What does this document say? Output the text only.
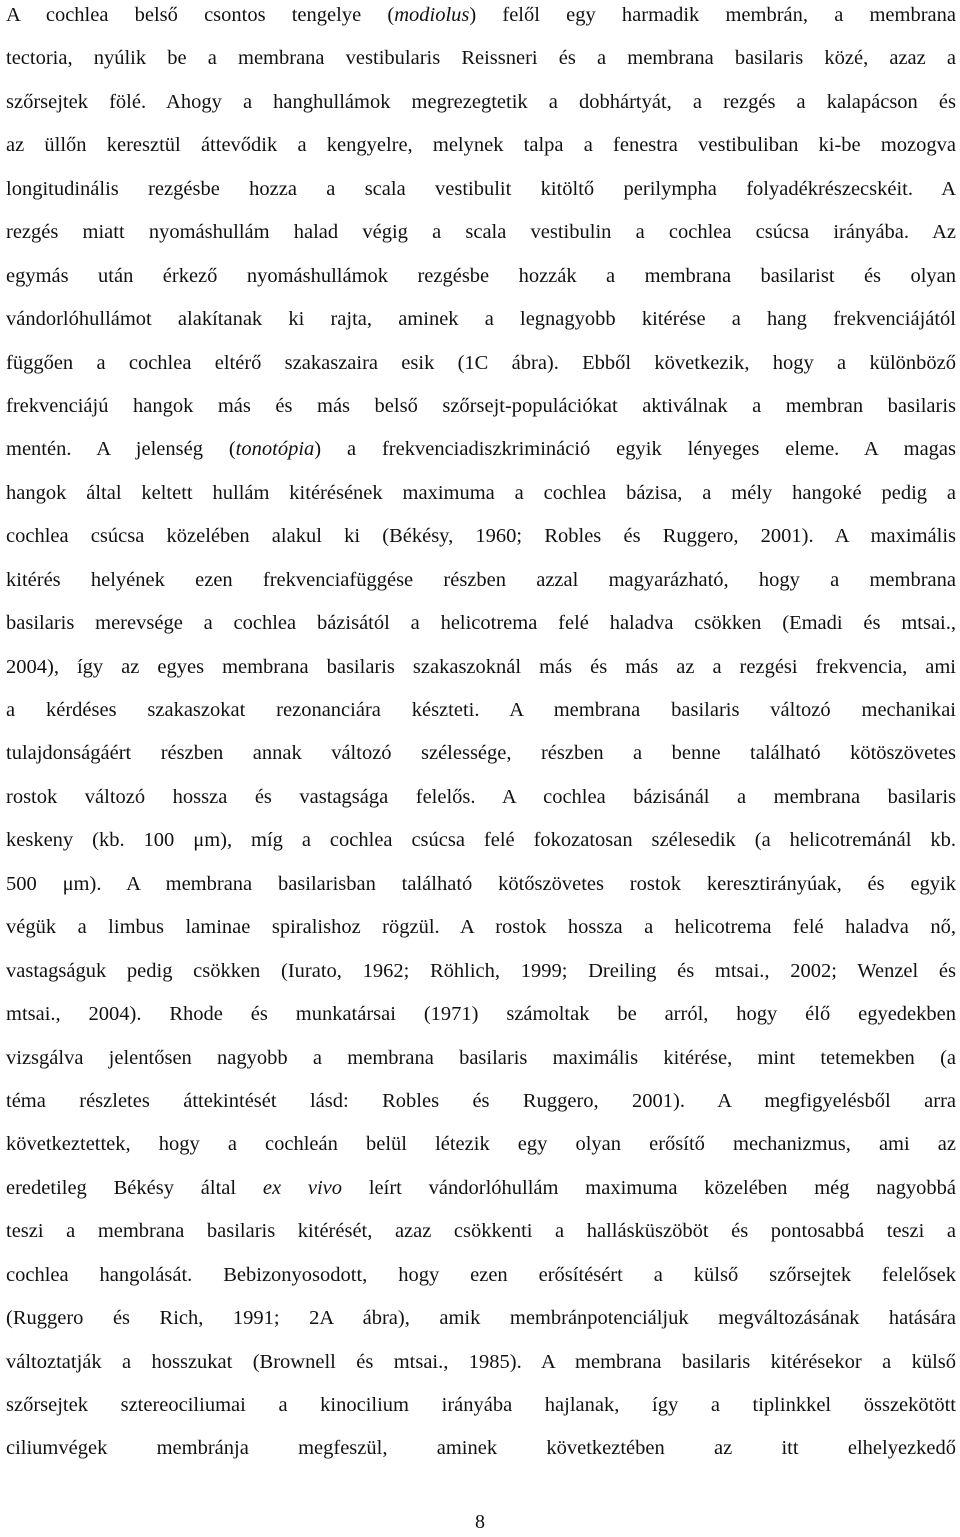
A cochlea belső csontos tengelye (modiolus) felől egy harmadik membrán, a membrana
tectoria, nyúlik be a membrana vestibularis Reissneri és a membrana basilaris közé, azaz a
szőrsejtek fölé. Ahogy a hanghullámok megrezegtetik a dobhártyát, a rezgés a kalapácson és
az üllőn keresztül áttevődik a kengyelre, melynek talpa a fenestra vestibuliban ki-be mozogva
longitudinális rezgésbe hozza a scala vestibulit kitöltő perilympha folyadékrészecskéit. A
rezgés miatt nyomáshullám halad végig a scala vestibulin a cochlea csúcsa irányába. Az
egymás után érkező nyomáshullámok rezgésbe hozzák a membrana basilarist és olyan
vándorlóhullámot alakítanak ki rajta, aminek a legnagyobb kitérése a hang frekvenciájától
függően a cochlea eltérő szakaszaira esik (1C ábra). Ebből következik, hogy a különböző
frekvenciájú hangok más és más belső szőrsejt-populációkat aktiválnak a membran basilaris
mentén. A jelenség (tonotópia) a frekvenciadiszkrimináció egyik lényeges eleme. A magas
hangok által keltett hullám kitérésének maximuma a cochlea bázisa, a mély hangoké pedig a
cochlea csúcsa közelében alakul ki (Békésy, 1960; Robles és Ruggero, 2001). A maximális
kitérés helyének ezen frekvenciafüggése részben azzal magyarázható, hogy a membrana
basilaris merevsége a cochlea bázisától a helicotrema felé haladva csökken (Emadi és mtsai.,
2004), így az egyes membrana basilaris szakaszoknál más és más az a rezgési frekvencia, ami
a kérdéses szakaszokat rezonanciára készteti. A membrana basilaris változó mechanikai
tulajdonságáért részben annak változó szélessége, részben a benne található kötöszövetes
rostok változó hossza és vastagsága felelős. A cochlea bázisánál a membrana basilaris
keskeny (kb. 100 μm), míg a cochlea csúcsa felé fokozatosan szélesedik (a helicotremánál kb.
500 μm). A membrana basilarisban található kötőszövetes rostok keresztirányúak, és egyik
végük a limbus laminae spiralishoz rögzül. A rostok hossza a helicotrema felé haladva nő,
vastagságuk pedig csökken (Iurato, 1962; Röhlich, 1999; Dreiling és mtsai., 2002; Wenzel és
mtsai., 2004). Rhode és munkatársai (1971) számoltak be arról, hogy élő egyedekben
vizsgálva jelentősen nagyobb a membrana basilaris maximális kitérése, mint tetemekben (a
téma részletes áttekintését lásd: Robles és Ruggero, 2001). A megfigyelésből arra
következtettek, hogy a cochleán belül létezik egy olyan erősítő mechanizmus, ami az
eredetileg Békésy által ex vivo leírt vándorlóhullám maximuma közelében még nagyobbá
teszi a membrana basilaris kitérését, azaz csökkenti a hallásküszöböt és pontosabbá teszi a
cochlea hangolását. Bebizonyosodott, hogy ezen erősítésért a külső szőrsejtek felelősek
(Ruggero és Rich, 1991; 2A ábra), amik membránpotenciáljuk megváltozásának hatására
változtatják a hosszukat (Brownell és mtsai., 1985). A membrana basilaris kitérésekor a külső
szőrsejtek sztereociliumai a kinocilium irányába hajlanak, így a tiplinkkel összekötött
ciliumvégek membránja megfeszül, aminek következtében az itt elhelyezkedő
8
